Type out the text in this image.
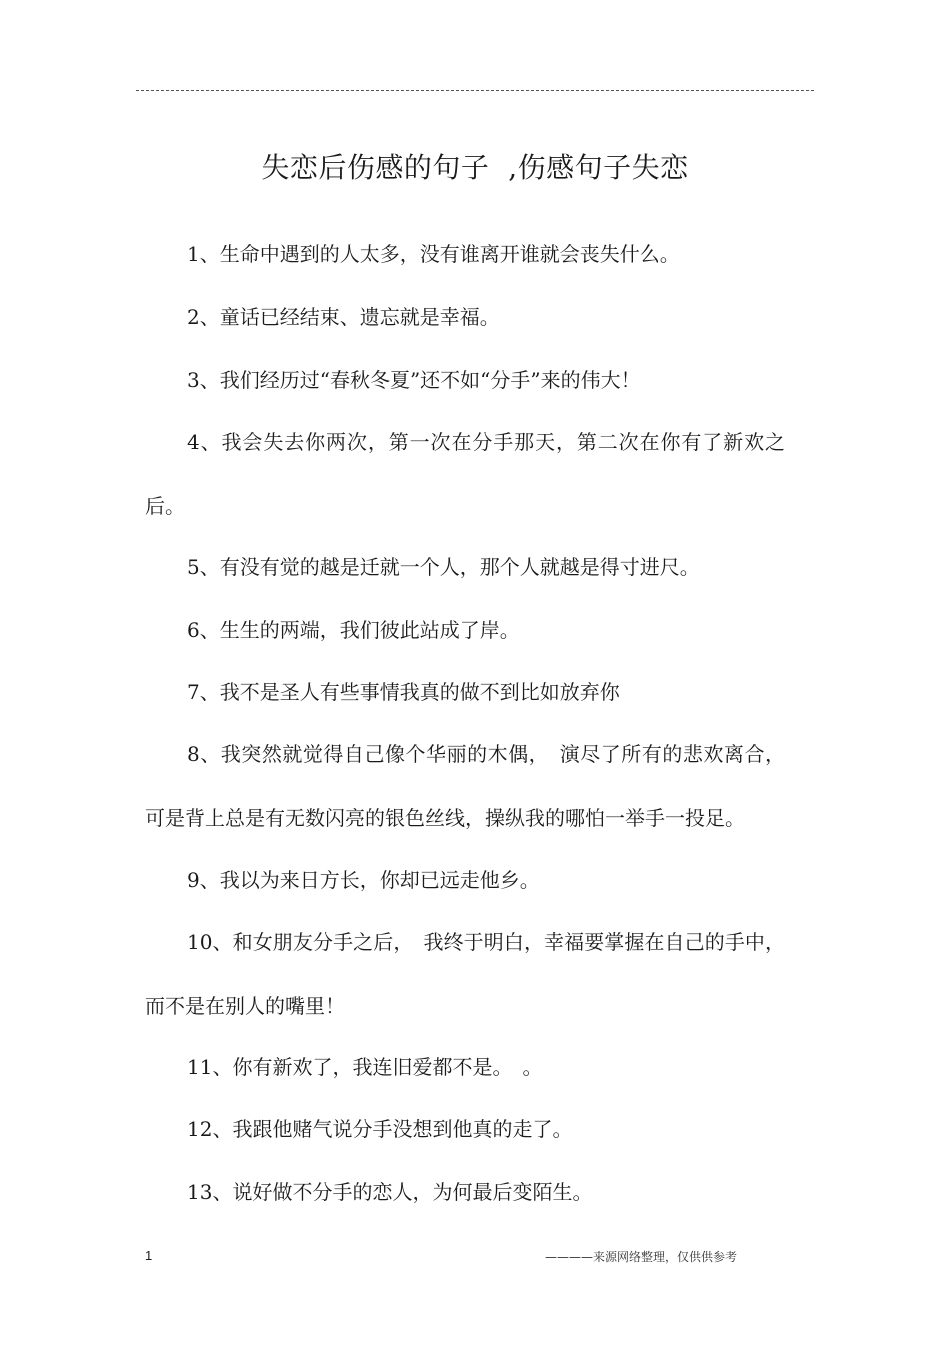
失恋后伤感的句子  ,伤感句子失恋
1、生命中遇到的人太多，没有谁离开谁就会丧失什么。
2、童话已经结束、遗忘就是幸福。
3、我们经历过“春秋冬夏”还不如“分手”来的伟大！
4、我会失去你两次，第一次在分手那天，第二次在你有了新欢之后。
5、有没有觉的越是迁就一个人，那个人就越是得寸进尺。
6、生生的两端，我们彼此站成了岸。
7、我不是圣人有些事情我真的做不到比如放弃你
8、我突然就觉得自己像个华丽的木偶，　演尽了所有的悲欢离合，可是背上总是有无数闪亮的银色丝线，操纵我的哪怕一举手一投足。
9、我以为来日方长，你却已远走他乡。
10、和女朋友分手之后，　我终于明白，幸福要掌握在自己的手中，而不是在别人的嘴里！
11、你有新欢了，我连旧爱都不是。　。
12、我跟他赌气说分手没想到他真的走了。
13、说好做不分手的恋人，为何最后变陌生。
1	————来源网络整理，仅供供参考
